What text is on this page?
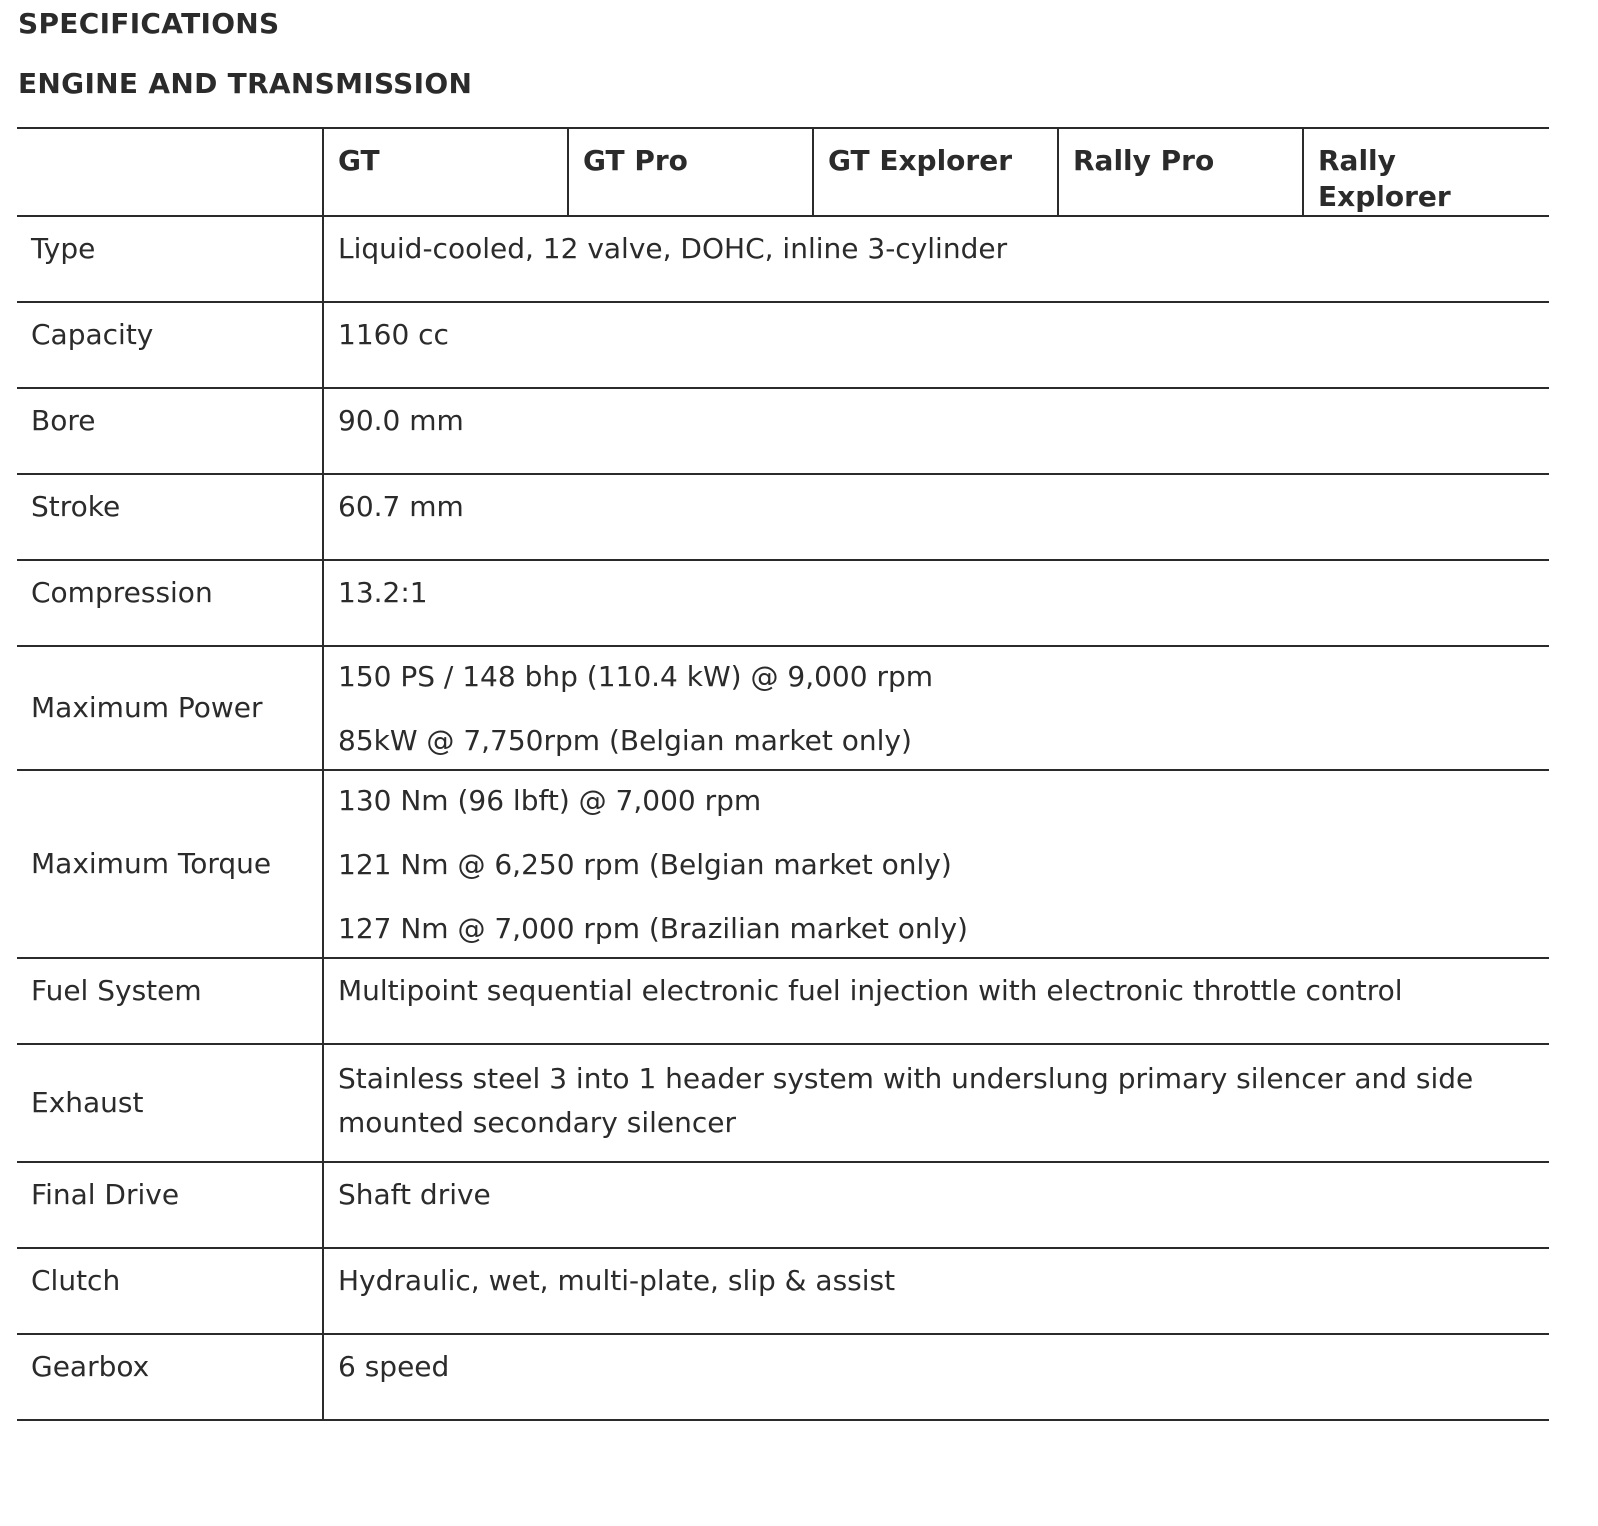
SPECIFICATIONS
ENGINE AND TRANSMISSION
	GT	GT Pro	GT Explorer	Rally Pro	Rally Explorer
Type	Liquid-cooled, 12 valve, DOHC, inline 3-cylinder				
Capacity	1160 cc				
Bore	90.0 mm				
Stroke	60.7 mm				
Compression	13.2:1				
Maximum Power	150 PS / 148 bhp (110.4 kW) @ 9,000 rpm
85kW @ 7,750rpm (Belgian market only)				

Maximum Torque	130 Nm (96 lbft) @ 7,000 rpm
121 Nm @ 6,250 rpm (Belgian market only)
127 Nm @ 7,000 rpm (Brazilian market only)				

Fuel System	Multipoint sequential electronic fuel injection with electronic throttle control				
Exhaust	Stainless steel 3 into 1 header system with underslung primary silencer and side mounted secondary silencer				
Final Drive	Shaft drive				
Clutch	Hydraulic, wet, multi-plate, slip & assist				
Gearbox	6 speed				
